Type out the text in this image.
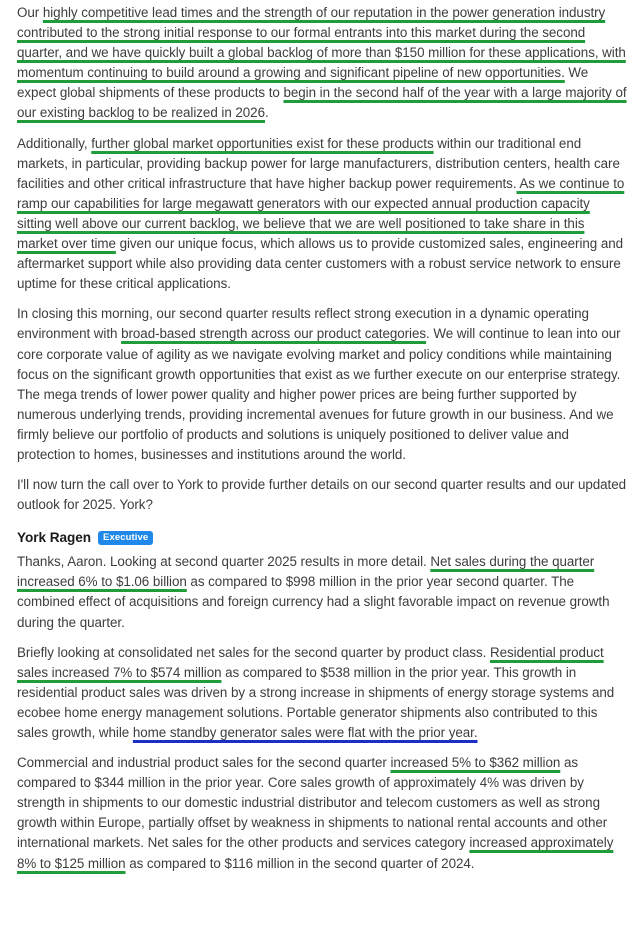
Our highly competitive lead times and the strength of our reputation in the power generation industry contributed to the strong initial response to our formal entrants into this market during the second quarter, and we have quickly built a global backlog of more than $150 million for these applications, with momentum continuing to build around a growing and significant pipeline of new opportunities. We expect global shipments of these products to begin in the second half of the year with a large majority of our existing backlog to be realized in 2026.

Additionally, further global market opportunities exist for these products within our traditional end markets, in particular, providing backup power for large manufacturers, distribution centers, health care facilities and other critical infrastructure that have higher backup power requirements. As we continue to ramp our capabilities for large megawatt generators with our expected annual production capacity sitting well above our current backlog, we believe that we are well positioned to take share in this market over time given our unique focus, which allows us to provide customized sales, engineering and aftermarket support while also providing data center customers with a robust service network to ensure uptime for these critical applications.

In closing this morning, our second quarter results reflect strong execution in a dynamic operating environment with broad-based strength across our product categories. We will continue to lean into our core corporate value of agility as we navigate evolving market and policy conditions while maintaining focus on the significant growth opportunities that exist as we further execute on our enterprise strategy. The mega trends of lower power quality and higher power prices are being further supported by numerous underlying trends, providing incremental avenues for future growth in our business. And we firmly believe our portfolio of products and solutions is uniquely positioned to deliver value and protection to homes, businesses and institutions around the world.

I'll now turn the call over to York to provide further details on our second quarter results and our updated outlook for 2025. York?

York Ragen	Executive

Thanks, Aaron. Looking at second quarter 2025 results in more detail. Net sales during the quarter increased 6% to $1.06 billion as compared to $998 million in the prior year second quarter. The combined effect of acquisitions and foreign currency had a slight favorable impact on revenue growth during the quarter.

Briefly looking at consolidated net sales for the second quarter by product class. Residential product sales increased 7% to $574 million as compared to $538 million in the prior year. This growth in residential product sales was driven by a strong increase in shipments of energy storage systems and ecobee home energy management solutions. Portable generator shipments also contributed to this sales growth, while home standby generator sales were flat with the prior year.

Commercial and industrial product sales for the second quarter increased 5% to $362 million as compared to $344 million in the prior year. Core sales growth of approximately 4% was driven by strength in shipments to our domestic industrial distributor and telecom customers as well as strong growth within Europe, partially offset by weakness in shipments to national rental accounts and other international markets. Net sales for the other products and services category increased approximately 8% to $125 million as compared to $116 million in the second quarter of 2024.
